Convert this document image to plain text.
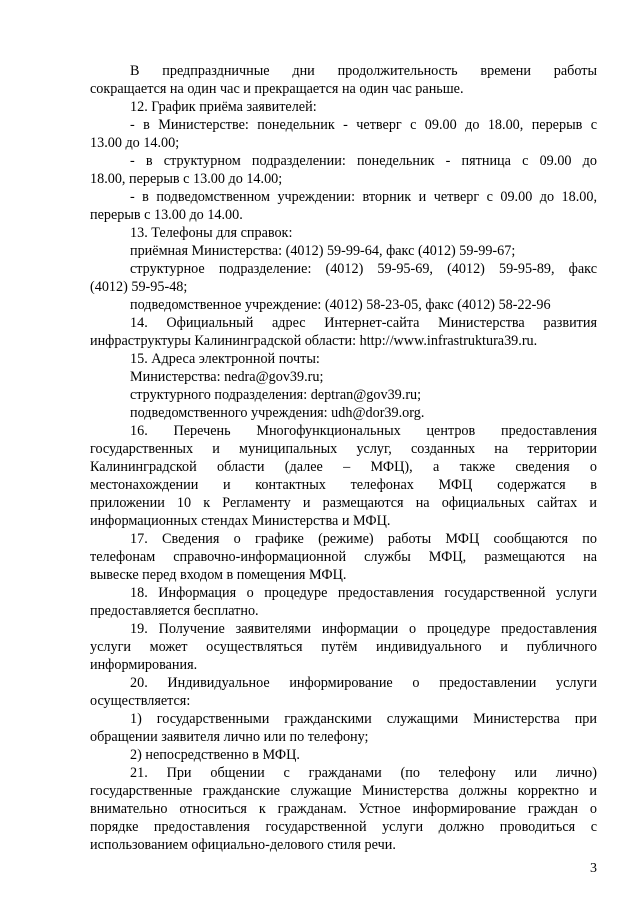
В предпраздничные дни продолжительность времени работы
сокращается на один час и прекращается на один час раньше.
12. График приёма заявителей:
- в Министерстве: понедельник - четверг с 09.00 до 18.00, перерыв с
13.00 до 14.00;
- в структурном подразделении: понедельник - пятница с 09.00 до
18.00, перерыв с 13.00 до 14.00;
- в подведомственном учреждении: вторник и четверг с 09.00 до 18.00,
перерыв с 13.00 до 14.00.
13. Телефоны для справок:
приёмная Министерства: (4012) 59-99-64, факс (4012) 59-99-67;
структурное подразделение: (4012) 59-95-69, (4012) 59-95-89, факс
(4012) 59-95-48;
подведомственное учреждение: (4012) 58-23-05, факс (4012) 58-22-96
14. Официальный адрес Интернет-сайта Министерства развития
инфраструктуры Калининградской области: http://www.infrastruktura39.ru.
15. Адреса электронной почты:
Министерства: nedra@gov39.ru;
структурного подразделения: deptran@gov39.ru;
подведомственного учреждения: udh@dor39.org.
16. Перечень Многофункциональных центров предоставления
государственных и муниципальных услуг, созданных на территории
Калининградской области (далее – МФЦ), а также сведения о
местонахождении и контактных телефонах МФЦ содержатся в
приложении 10 к Регламенту и размещаются на официальных сайтах и
информационных стендах Министерства и МФЦ.
17. Сведения о графике (режиме) работы МФЦ сообщаются по
телефонам справочно-информационной службы МФЦ, размещаются на
вывеске перед входом в помещения МФЦ.
18. Информация о процедуре предоставления государственной услуги
предоставляется бесплатно.
19. Получение заявителями информации о процедуре предоставления
услуги может осуществляться путём индивидуального и публичного
информирования.
20. Индивидуальное информирование о предоставлении услуги
осуществляется:
1) государственными гражданскими служащими Министерства при
обращении заявителя лично или по телефону;
2) непосредственно в МФЦ.
21. При общении с гражданами (по телефону или лично)
государственные гражданские служащие Министерства должны корректно и
внимательно относиться к гражданам. Устное информирование граждан о
порядке предоставления государственной услуги должно проводиться с
использованием официально-делового стиля речи.
3
